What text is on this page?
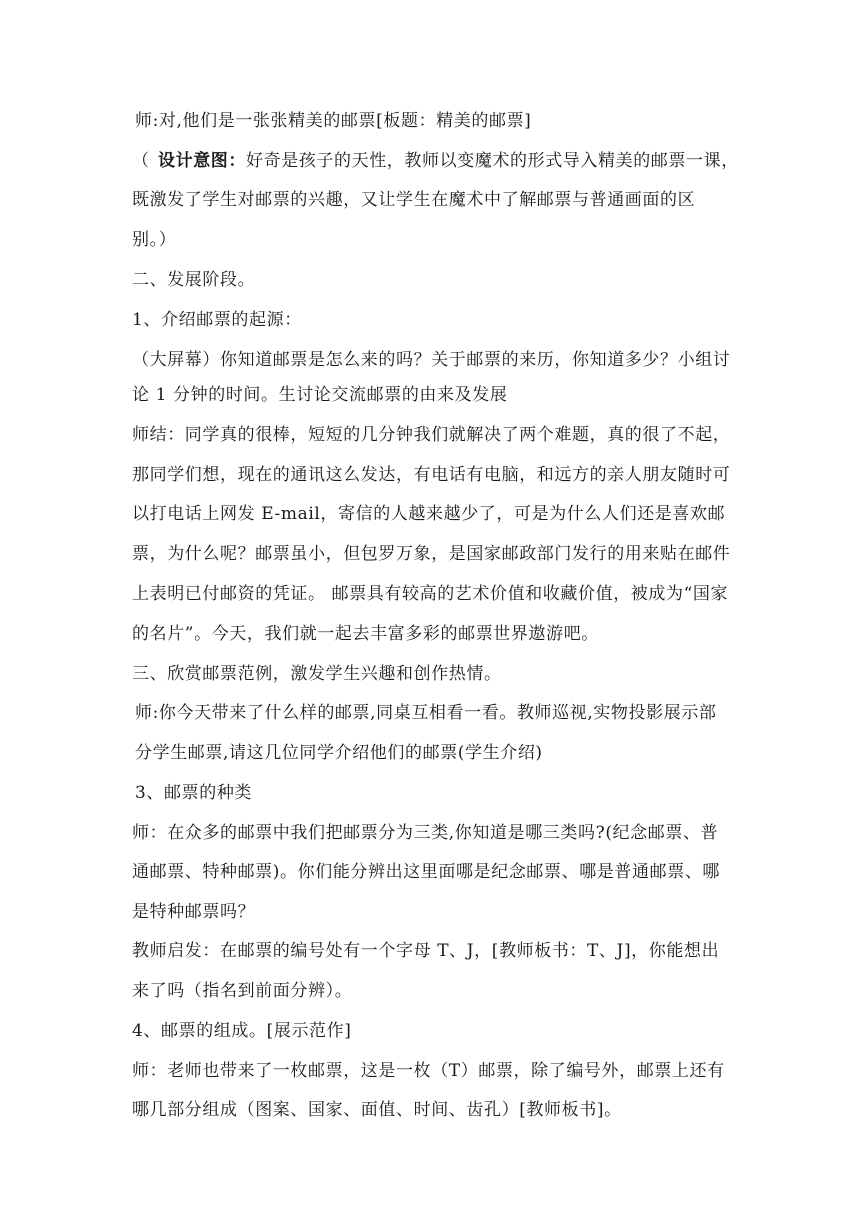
师:对,他们是一张张精美的邮票[板题：精美的邮票]
（ 设计意图： 好奇是孩子的天性，教师以变魔术的形式导入精美的邮票一课，
既激发了学生对邮票的兴趣，又让学生在魔术中了解邮票与普通画面的区
别。）
二、发展阶段。
1、介绍邮票的起源：
（大屏幕）你知道邮票是怎么来的吗？关于邮票的来历，你知道多少？小组讨
论 1 分钟的时间。生讨论交流邮票的由来及发展
师结：同学真的很棒，短短的几分钟我们就解决了两个难题，真的很了不起，
那同学们想，现在的通讯这么发达，有电话有电脑，和远方的亲人朋友随时可
以打电话上网发 E-mail，寄信的人越来越少了，可是为什么人们还是喜欢邮
票，为什么呢？邮票虽小，但包罗万象，是国家邮政部门发行的用来贴在邮件
上表明已付邮资的凭证。 邮票具有较高的艺术价值和收藏价值，被成为“国家
的名片”。今天，我们就一起去丰富多彩的邮票世界遨游吧。
三、欣赏邮票范例，激发学生兴趣和创作热情。
师:你今天带来了什么样的邮票,同桌互相看一看。教师巡视,实物投影展示部
分学生邮票,请这几位同学介绍他们的邮票(学生介绍)
3、邮票的种类
师：在众多的邮票中我们把邮票分为三类,你知道是哪三类吗?(纪念邮票、普
通邮票、特种邮票)。你们能分辨出这里面哪是纪念邮票、哪是普通邮票、哪
是特种邮票吗？
教师启发：在邮票的编号处有一个字母 T、J，[教师板书：T、J]，你能想出
来了吗（指名到前面分辨）。
4、邮票的组成。[展示范作]
师：老师也带来了一枚邮票，这是一枚（T）邮票，除了编号外，邮票上还有
哪几部分组成（图案、国家、面值、时间、齿孔）[教师板书]。
